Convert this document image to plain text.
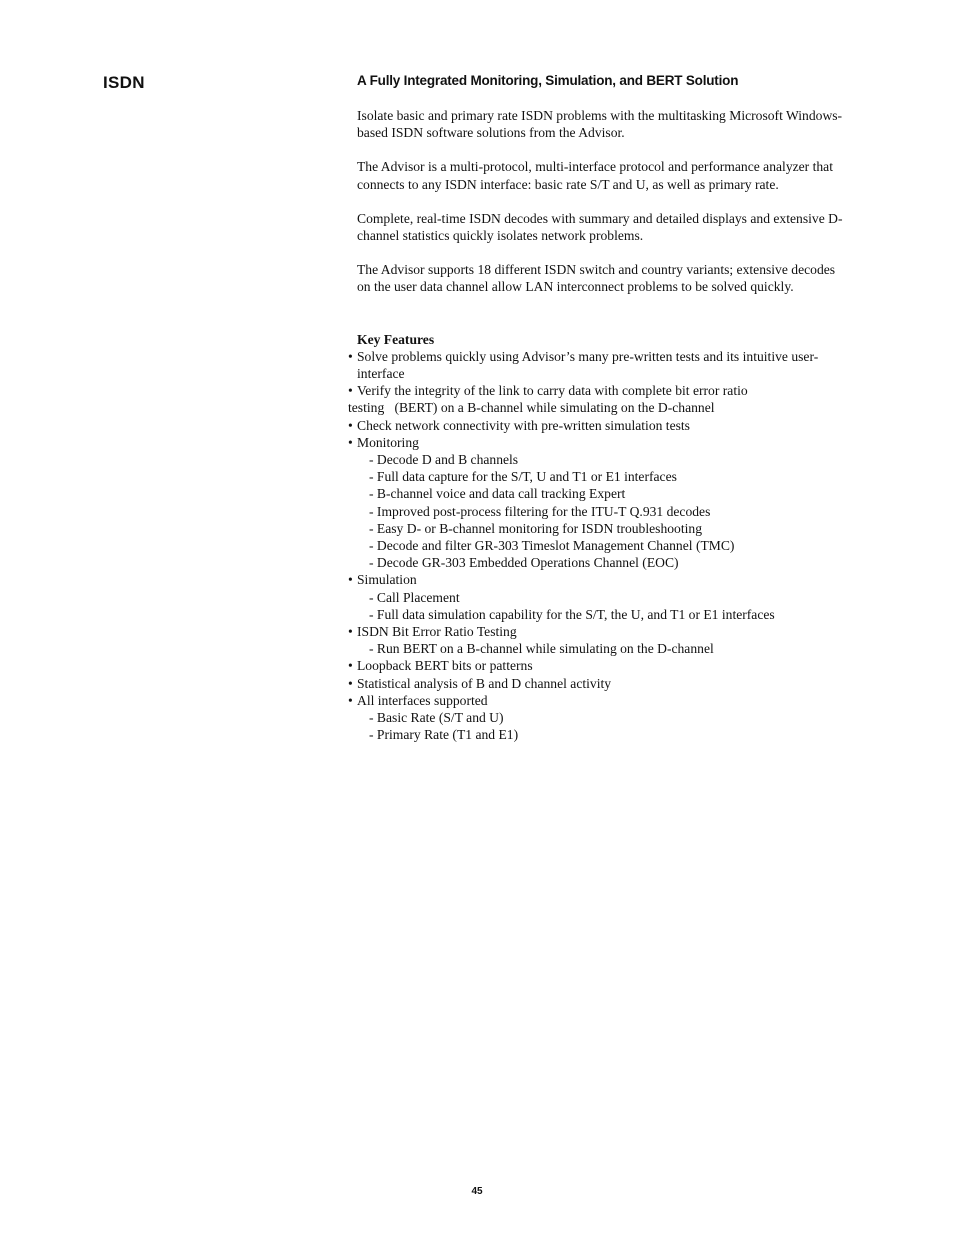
ISDN	A Fully Integrated Monitoring, Simulation, and BERT Solution
Isolate basic and primary rate ISDN problems with the multitasking Microsoft Windows-based ISDN software solutions from the Advisor.
The Advisor is a multi-protocol, multi-interface protocol and performance analyzer that connects to any ISDN interface: basic rate S/T and U, as well as primary rate.
Complete, real-time ISDN decodes with summary and detailed displays and extensive D-channel statistics quickly isolates network problems.
The Advisor supports 18 different ISDN switch and country variants; extensive decodes on the user data channel allow LAN interconnect problems to be solved quickly.
Key Features
• Solve problems quickly using Advisor’s many pre-written tests and its intuitive user-interface
• Verify the integrity of the link to carry data with complete bit error ratio
testing   (BERT) on a B-channel while simulating on the D-channel
• Check network connectivity with pre-written simulation tests
• Monitoring
- Decode D and B channels
- Full data capture for the S/T, U and T1 or E1 interfaces
- B-channel voice and data call tracking Expert
- Improved post-process filtering for the ITU-T Q.931 decodes
- Easy D- or B-channel monitoring for ISDN troubleshooting
- Decode and filter GR-303 Timeslot Management Channel (TMC)
- Decode GR-303 Embedded Operations Channel (EOC)
• Simulation
- Call Placement
- Full data simulation capability for the S/T, the U, and T1 or E1 interfaces
• ISDN Bit Error Ratio Testing
- Run BERT on a B-channel while simulating on the D-channel
• Loopback BERT bits or patterns
• Statistical analysis of B and D channel activity
• All interfaces supported
- Basic Rate (S/T and U)
- Primary Rate (T1 and E1)
45
